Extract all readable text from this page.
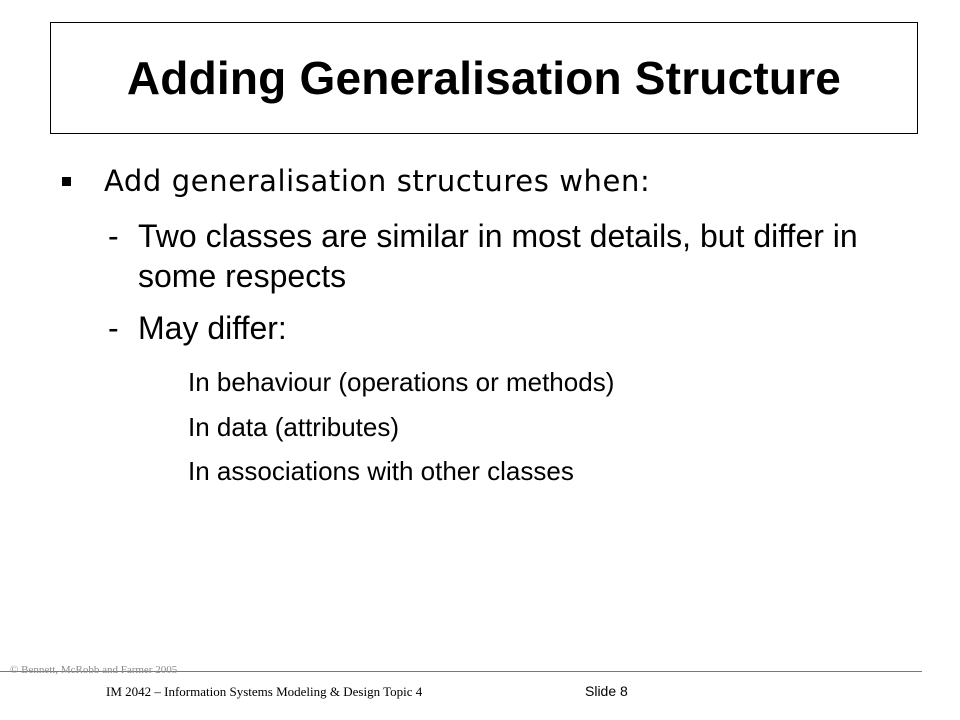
Adding Generalisation Structure
Add generalisation structures when:
- Two classes are similar in most details, but differ in some respects
- May differ:
In behaviour (operations or methods)
In data (attributes)
In associations with other classes
© Bennett, McRobb and Farmer 2005
IM 2042 – Information Systems Modeling & Design Topic 4	Slide 8
